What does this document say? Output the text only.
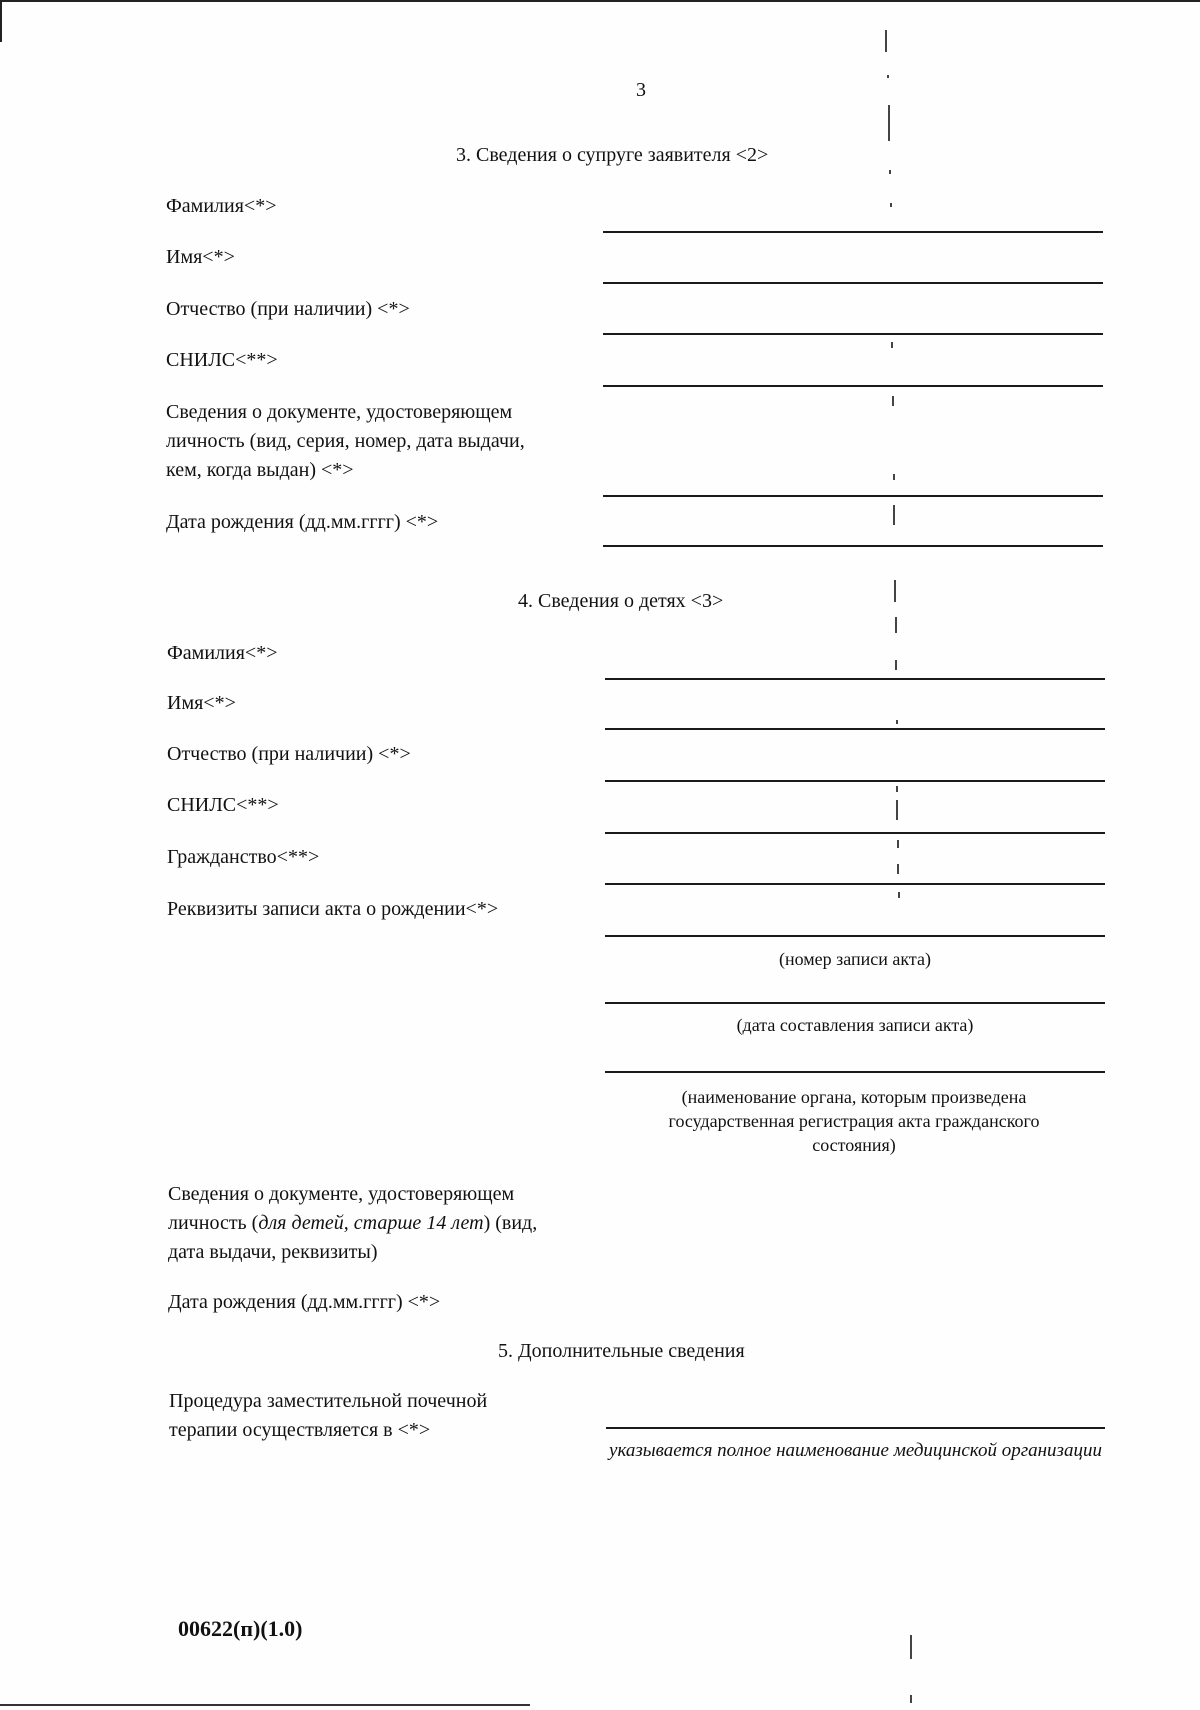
3
3. Сведения о супруге заявителя <2>
Фамилия<*>
Имя<*>
Отчество (при наличии) <*>
СНИЛС<**>
Сведения о документе, удостоверяющем
личность (вид, серия, номер, дата выдачи,
кем, когда выдан) <*>
Дата рождения (дд.мм.гггг) <*>
4. Сведения о детях <3>
Фамилия<*>
Имя<*>
Отчество (при наличии) <*>
СНИЛС<**>
Гражданство<**>
Реквизиты записи акта о рождении<*>
(номер записи акта)
(дата составления записи акта)
(наименование органа, которым произведена государственная регистрация акта гражданского состояния)
Сведения о документе, удостоверяющем
личность (для детей, старше 14 лет) (вид,
дата выдачи, реквизиты)
Дата рождения (дд.мм.гггг) <*>
5. Дополнительные сведения
Процедура заместительной почечной
терапии осуществляется в <*>
указывается полное наименование медицинской организации
00622(п)(1.0)
